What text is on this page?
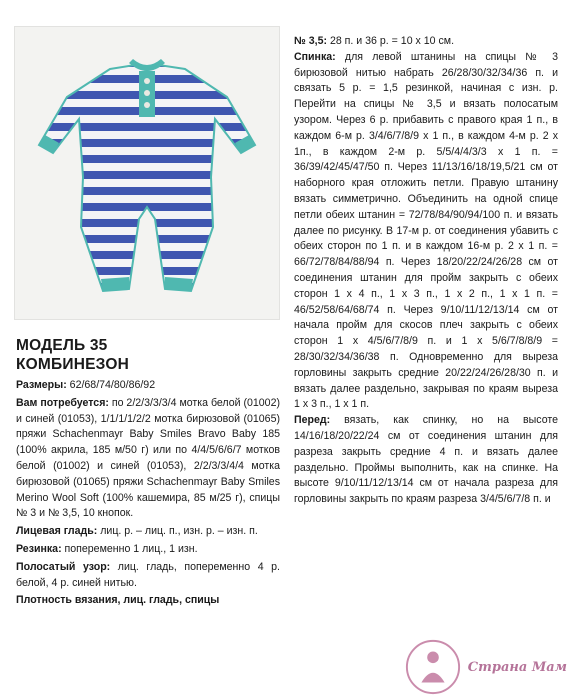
МОДЕЛЬ 35
КОМБИНЕЗОН

Размеры: 62/68/74/80/86/92

Вам потребуется: по 2/2/3/3/3/4 мотка белой (01002) и синей (01053), 1/1/1/1/2/2 мотка бирюзовой (01065) пряжи Schachenmayr Baby Smiles Bravo Baby 185 (100% акрила, 185 м/50 г) или по 4/4/5/6/6/7 мотков белой (01002) и синей (01053), 2/2/3/3/4/4 мотка бирюзовой (01065) пряжи Schachenmayr Baby Smiles Merino Wool Soft (100% кашемира, 85 м/25 г), спицы № 3 и № 3,5, 10 кнопок.

Лицевая гладь: лиц. р. – лиц. п., изн. р. – изн. п.

Резинка: попеременно 1 лиц., 1 изн.

Полосатый узор: лиц. гладь, попеременно 4 р. белой, 4 р. синей нитью.

Плотность вязания, лиц. гладь, спицы

№ 3,5: 28 п. и 36 р. = 10 х 10 см.

Спинка: для левой штанины на спицы № 3 бирюзовой нитью набрать 26/28/30/32/34/36 п. и связать 5 р. = 1,5 резинкой, начиная с изн. р. Перейти на спицы № 3,5 и вязать полосатым узором. Через 6 р. прибавить с правого края 1 п., в каждом 6-м р. 3/4/6/7/8/9 х 1 п., в каждом 4-м р. 2 х 1п., в каждом 2-м р. 5/5/4/4/3/3 х 1 п. = 36/39/42/45/47/50 п. Через 11/13/16/18/19,5/21 см от наборного края отложить петли. Правую штанину вязать симметрично. Объединить на одной спице петли обеих штанин = 72/78/84/90/94/100 п. и вязать далее по рисунку. В 17-м р. от соединения убавить с обеих сторон по 1 п. и в каждом 16-м р. 2 х 1 п. = 66/72/78/84/88/94 п. Через 18/20/22/24/26/28 см от соединения штанин для пройм закрыть с обеих сторон 1 х 4 п., 1 х 3 п., 1 х 2 п., 1 х 1 п. = 46/52/58/64/68/74 п. Через 9/10/11/12/13/14 см от начала пройм для скосов плеч закрыть с обеих сторон 1 х 4/5/6/7/8/9 п. и 1 х 5/6/7/8/8/9 = 28/30/32/34/36/38 п. Одновременно для выреза горловины закрыть средние 20/22/24/26/28/30 п. и вязать далее раздельно, закрывая по краям выреза 1 х 3 п., 1 х 1 п.

Перед: вязать, как спинку, но на высоте 14/16/18/20/22/24 см от соединения штанин для разреза закрыть средние 4 п. и вязать далее раздельно. Проймы выполнить, как на спинке. На высоте 9/10/11/12/13/14 см от начала разреза для горловины закрыть по краям разреза 3/4/5/6/7/8 п. и

Страна Мам
